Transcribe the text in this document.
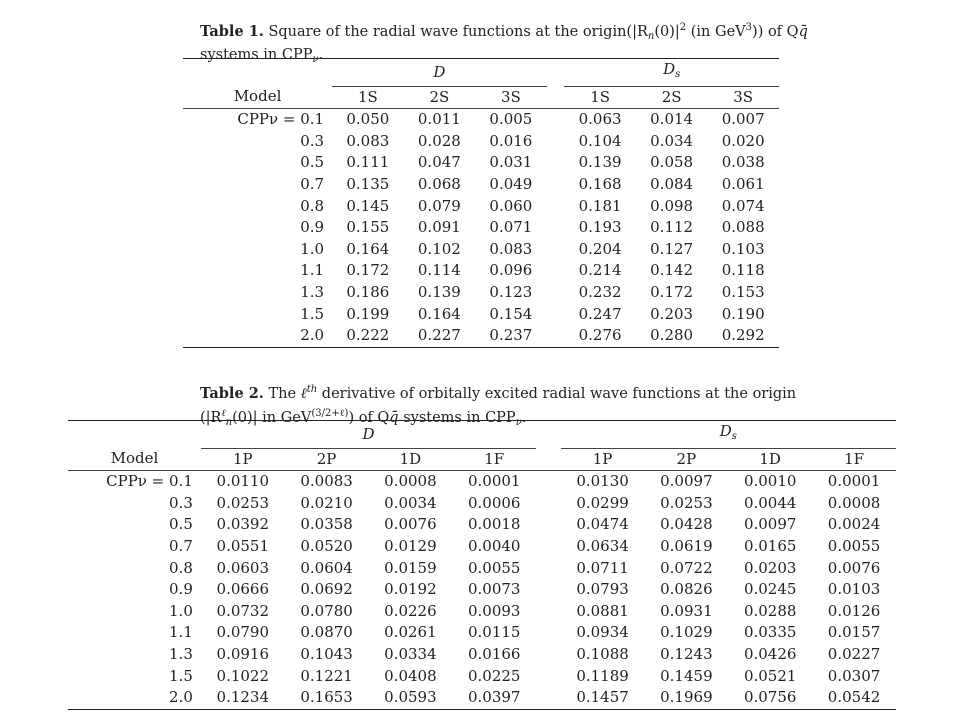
Table 1. Square of the radial wave functions at the $origin(|R_n(0)|^2$ (in GeV$^3$)) of Qq̄
systems in $CPP_\nu$.
	D				$D_s$
Model	1S	2S	3S		1S	2S	3S
CPPν = 0.1	0.050	0.011	0.005		0.063	0.014	0.007
0.3	0.083	0.028	0.016		0.104	0.034	0.020
0.5	0.111	0.047	0.031		0.139	0.058	0.038
0.7	0.135	0.068	0.049		0.168	0.084	0.061
0.8	0.145	0.079	0.060		0.181	0.098	0.074
0.9	0.155	0.091	0.071		0.193	0.112	0.088
1.0	0.164	0.102	0.083		0.204	0.127	0.103
1.1	0.172	0.114	0.096		0.214	0.142	0.118
1.3	0.186	0.139	0.123		0.232	0.172	0.153
1.5	0.199	0.164	0.154		0.247	0.203	0.190
2.0	0.222	0.227	0.237		0.276	0.280	0.292
Table 2. The ℓ$^{th}$ derivative of orbitally excited radial wave functions at the origin
($|R^\ell_n(0)|$ in GeV$^{(3/2+\ell)}$) of Qq̄ systems in $CPP_\nu$.
	D					$D_s$
Model	1P	2P	1D	1F		1P	2P	1D	1F
CPPν = 0.1	0.0110	0.0083	0.0008	0.0001		0.0130	0.0097	0.0010	0.0001
0.3	0.0253	0.0210	0.0034	0.0006		0.0299	0.0253	0.0044	0.0008
0.5	0.0392	0.0358	0.0076	0.0018		0.0474	0.0428	0.0097	0.0024
0.7	0.0551	0.0520	0.0129	0.0040		0.0634	0.0619	0.0165	0.0055
0.8	0.0603	0.0604	0.0159	0.0055		0.0711	0.0722	0.0203	0.0076
0.9	0.0666	0.0692	0.0192	0.0073		0.0793	0.0826	0.0245	0.0103
1.0	0.0732	0.0780	0.0226	0.0093		0.0881	0.0931	0.0288	0.0126
1.1	0.0790	0.0870	0.0261	0.0115		0.0934	0.1029	0.0335	0.0157
1.3	0.0916	0.1043	0.0334	0.0166		0.1088	0.1243	0.0426	0.0227
1.5	0.1022	0.1221	0.0408	0.0225		0.1189	0.1459	0.0521	0.0307
2.0	0.1234	0.1653	0.0593	0.0397		0.1457	0.1969	0.0756	0.0542
